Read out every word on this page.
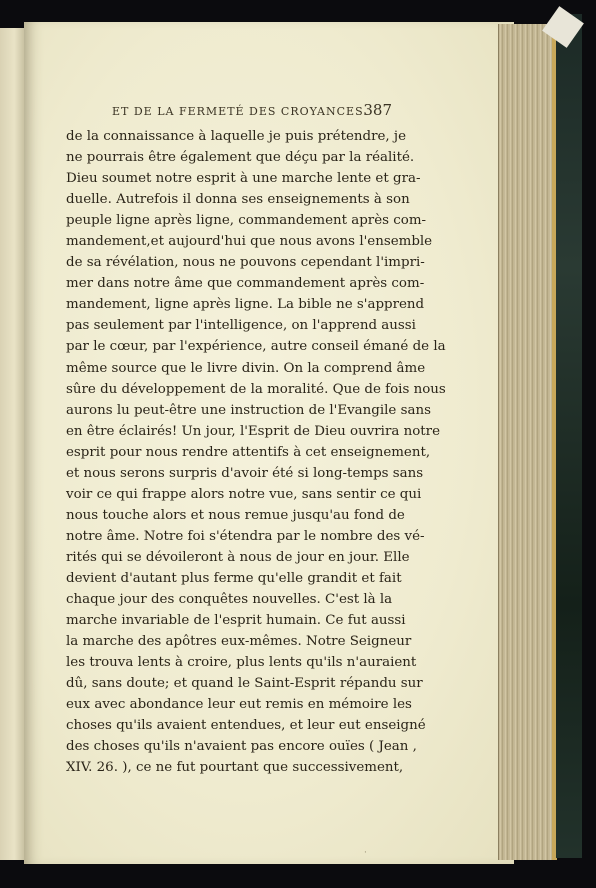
ET DE LA FERMETÉ DES CROYANCES.
387
de la connaissance à laquelle je puis prétendre, je
ne pourrais être également que déçu par la réalité.
Dieu soumet notre esprit à une marche lente et gra-
duelle. Autrefois il donna ses enseignements à son
peuple ligne après ligne, commandement après com-
mandement,et aujourd'hui que nous avons l'ensemble
de sa révélation, nous ne pouvons cependant l'impri-
mer dans notre âme que commandement après com-
mandement, ligne après ligne. La bible ne s'apprend
pas seulement par l'intelligence, on l'apprend aussi
par le cœur, par l'expérience, autre conseil émané de la
même source que le livre divin. On la comprend âme
sûre du développement de la moralité. Que de fois nous
aurons lu peut-être une instruction de l'Evangile sans
en être éclairés! Un jour, l'Esprit de Dieu ouvrira notre
esprit pour nous rendre attentifs à cet enseignement,
et nous serons surpris d'avoir été si long-temps sans
voir ce qui frappe alors notre vue, sans sentir ce qui
nous touche alors et nous remue jusqu'au fond de
notre âme. Notre foi s'étendra par le nombre des vé-
rités qui se dévoileront à nous de jour en jour. Elle
devient d'autant plus ferme qu'elle grandit et fait
chaque jour des conquêtes nouvelles. C'est là la
marche invariable de l'esprit humain. Ce fut aussi
la marche des apôtres eux-mêmes. Notre Seigneur
les trouva lents à croire, plus lents qu'ils n'auraient
dû, sans doute; et quand le Saint-Esprit répandu sur
eux avec abondance leur eut remis en mémoire les
choses qu'ils avaient entendues, et leur eut enseigné
des choses qu'ils n'avaient pas encore ouïes ( Jean ,
XIV. 26. ), ce ne fut pourtant que successivement,
·
